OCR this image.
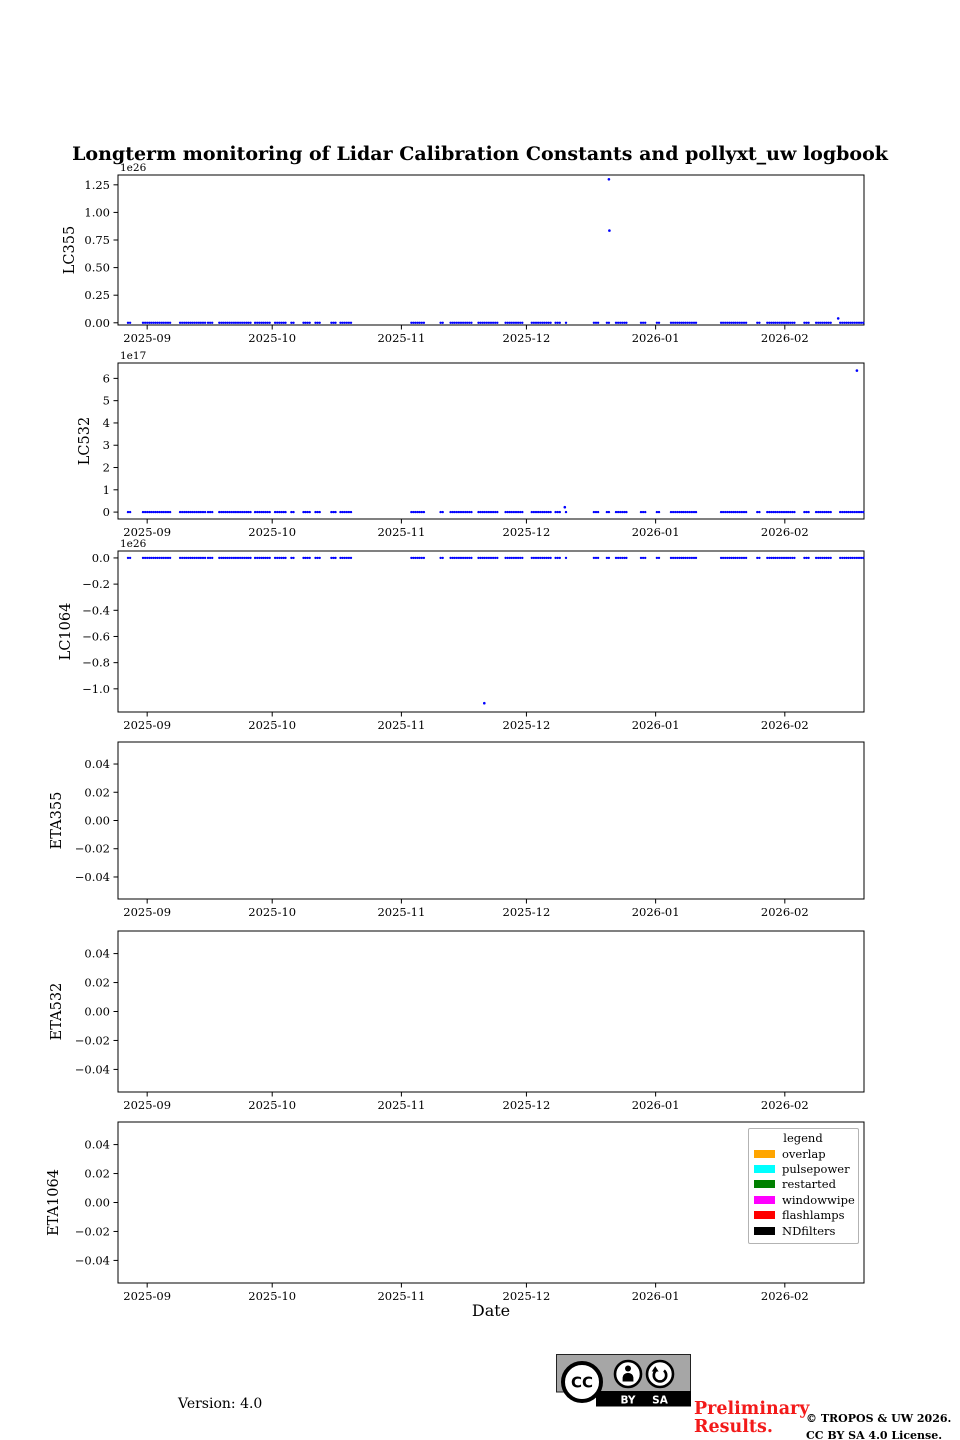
Longterm monitoring of Lidar Calibration Constants and pollyxt_uw logbook
0.00
0.25
0.50
0.75
1.00
1.25
1e26
2025-09	2025-10	2025-11	2025-12	2026-01	2026-02
LC355
0
1
2
3
4
5
6
1e17
2025-09	2025-10	2025-11	2025-12	2026-01	2026-02
LC532
0.0
−0.2
−0.4
−0.6
−0.8
−1.0
1e26
2025-09	2025-10	2025-11	2025-12	2026-01	2026-02
LC1064
0.04
0.02
0.00
−0.02
−0.04
2025-09	2025-10	2025-11	2025-12	2026-01	2026-02
ETA355
0.04
0.02
0.00
−0.02
−0.04
2025-09	2025-10	2025-11	2025-12	2026-01	2026-02
ETA532
0.04
0.02
0.00
−0.02
−0.04
2025-09	2025-10	2025-11	2025-12	2026-01	2026-02
ETA1064
Date
legend
overlap
pulsepower
restarted
windowwipe
flashlamps
NDfilters
Version: 4.0
CC
BY SA Preliminary
Results.	© TROPOS & UW 2026.
CC BY SA 4.0 License.
